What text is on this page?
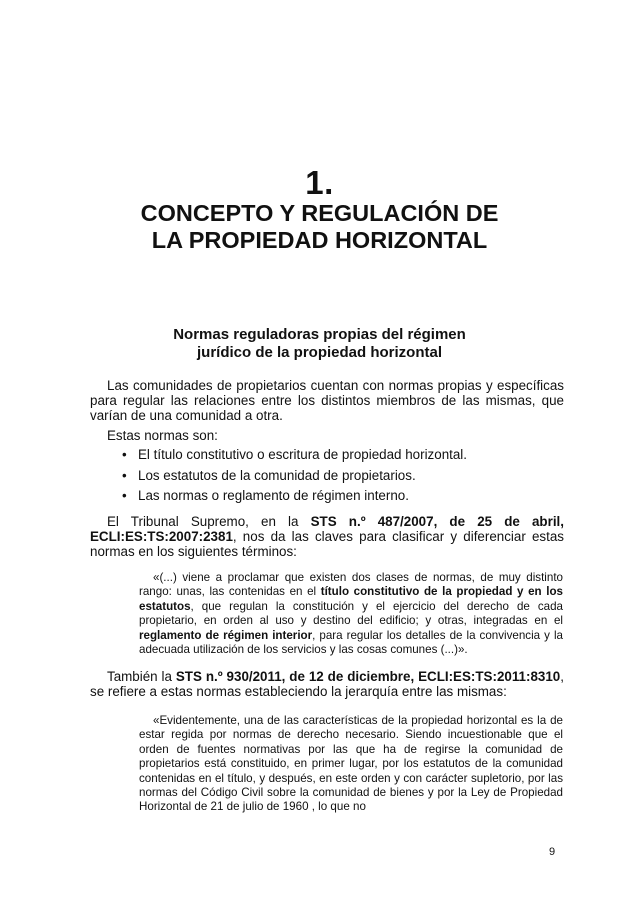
1.
CONCEPTO Y REGULACIÓN DE
LA PROPIEDAD HORIZONTAL
Normas reguladoras propias del régimen
jurídico de la propiedad horizontal

Las comunidades de propietarios cuentan con normas propias y específicas para regular las relaciones entre los distintos miembros de las mismas, que varían de una comunidad a otra.

Estas normas son:

• El título constitutivo o escritura de propiedad horizontal.
• Los estatutos de la comunidad de propietarios.
• Las normas o reglamento de régimen interno.

El Tribunal Supremo, en la STS n.º 487/2007, de 25 de abril, ECLI:ES:TS:2007:2381, nos da las claves para clasificar y diferenciar estas normas en los siguientes términos:

«(...) viene a proclamar que existen dos clases de normas, de muy distinto rango: unas, las contenidas en el título constitutivo de la propiedad y en los estatutos, que regulan la constitución y el ejercicio del derecho de cada propietario, en orden al uso y destino del edificio; y otras, integradas en el reglamento de régimen interior, para regular los detalles de la convivencia y la adecuada utilización de los servicios y las cosas comunes (...)».

También la STS n.º 930/2011, de 12 de diciembre, ECLI:ES:TS:2011:8310, se refiere a estas normas estableciendo la jerarquía entre las mismas:

«Evidentemente, una de las características de la propiedad horizontal es la de estar regida por normas de derecho necesario. Siendo incuestionable que el orden de fuentes normativas por las que ha de regirse la comunidad de propietarios está constituido, en primer lugar, por los estatutos de la comunidad contenidas en el título, y después, en este orden y con carácter supletorio, por las normas del Código Civil sobre la comunidad de bienes y por la Ley de Propiedad Horizontal de 21 de julio de 1960 , lo que no

9
